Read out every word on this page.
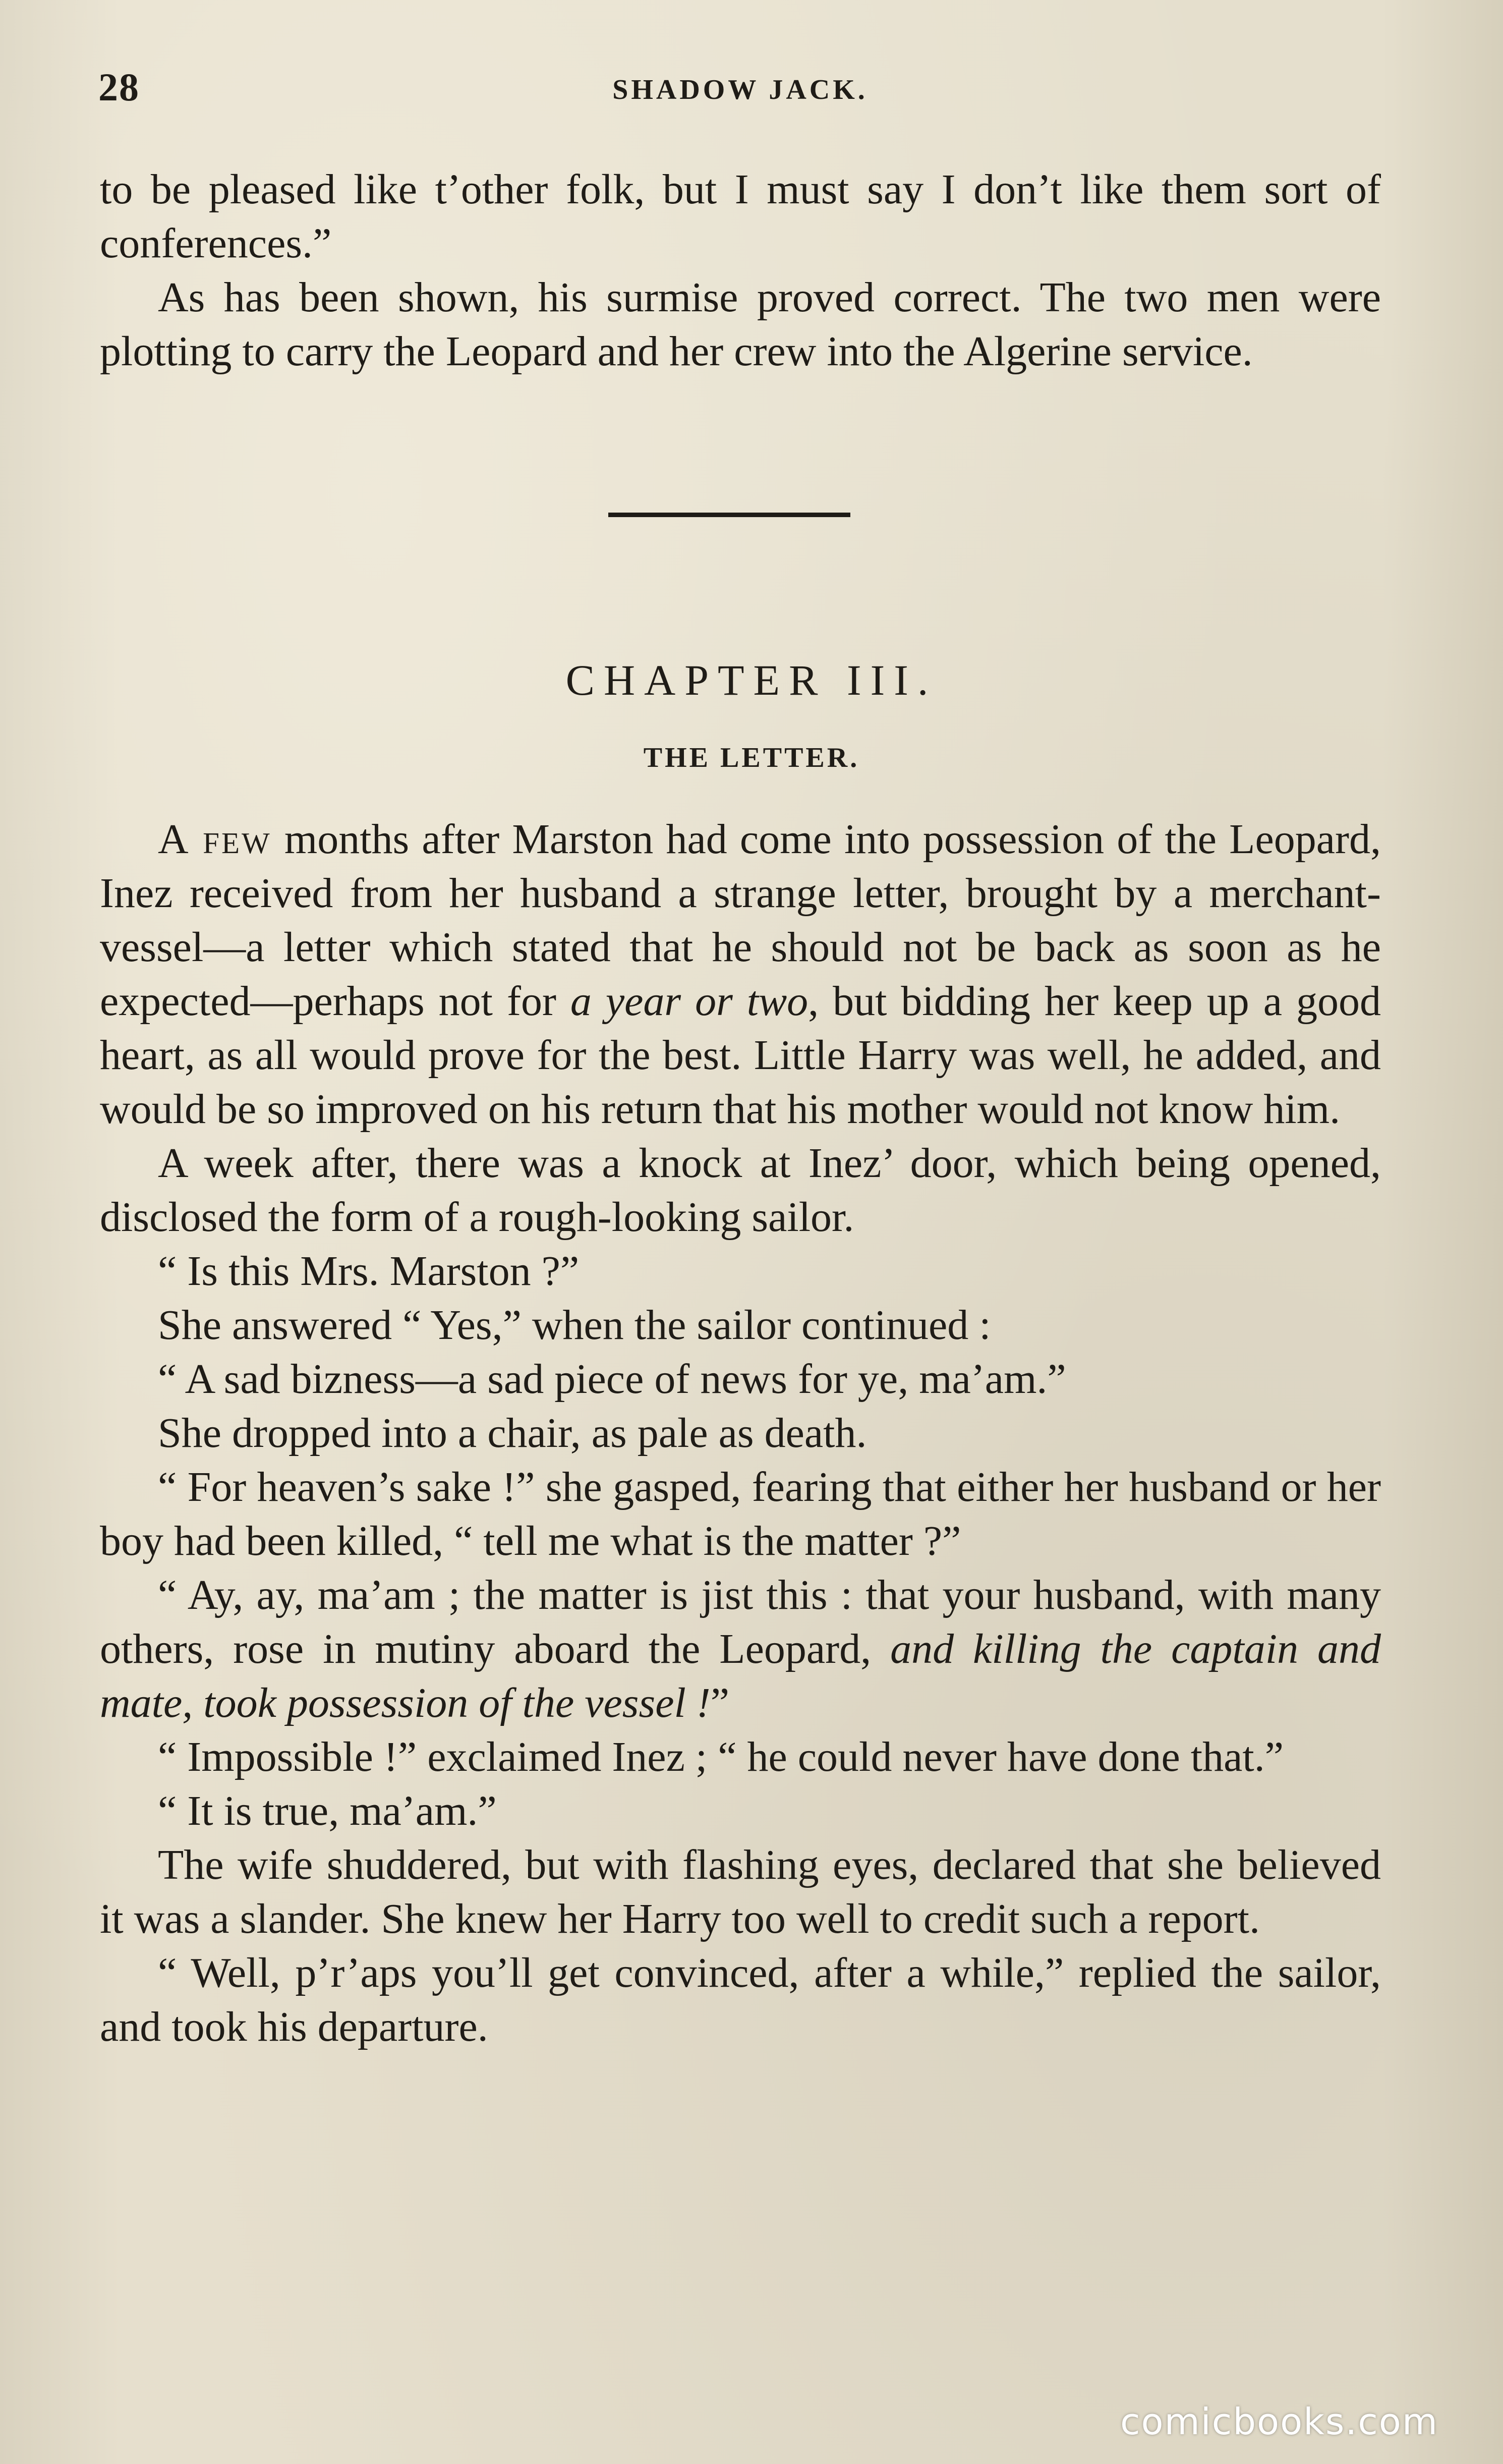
28	SHADOW JACK.

to be pleased like t’other folk, but I must say I don’t like them sort of conferences.”

As has been shown, his surmise proved correct. The two men were plotting to carry the Leopard and her crew into the Algerine service.

CHAPTER III.
THE LETTER.

A few months after Marston had come into possession of the Leopard, Inez received from her husband a strange letter, brought by a merchant-vessel—a letter which stated that he should not be back as soon as he expected—perhaps not for a year or two, but bidding her keep up a good heart, as all would prove for the best. Little Harry was well, he added, and would be so improved on his return that his mother would not know him.

A week after, there was a knock at Inez’ door, which being opened, disclosed the form of a rough-looking sailor.

“ Is this Mrs. Marston ?”

She answered “ Yes,” when the sailor continued :

“ A sad bizness—a sad piece of news for ye, ma’am.”

She dropped into a chair, as pale as death.

“ For heaven’s sake !” she gasped, fearing that either her husband or her boy had been killed, “ tell me what is the matter ?”

“ Ay, ay, ma’am ; the matter is jist this : that your husband, with many others, rose in mutiny aboard the Leopard, and killing the captain and mate, took possession of the vessel !”

“ Impossible !” exclaimed Inez ; “ he could never have done that.”

“ It is true, ma’am.”

The wife shuddered, but with flashing eyes, declared that she believed it was a slander. She knew her Harry too well to credit such a report.

“ Well, p’r’aps you’ll get convinced, after a while,” replied the sailor, and took his departure.

comicbooks.com
